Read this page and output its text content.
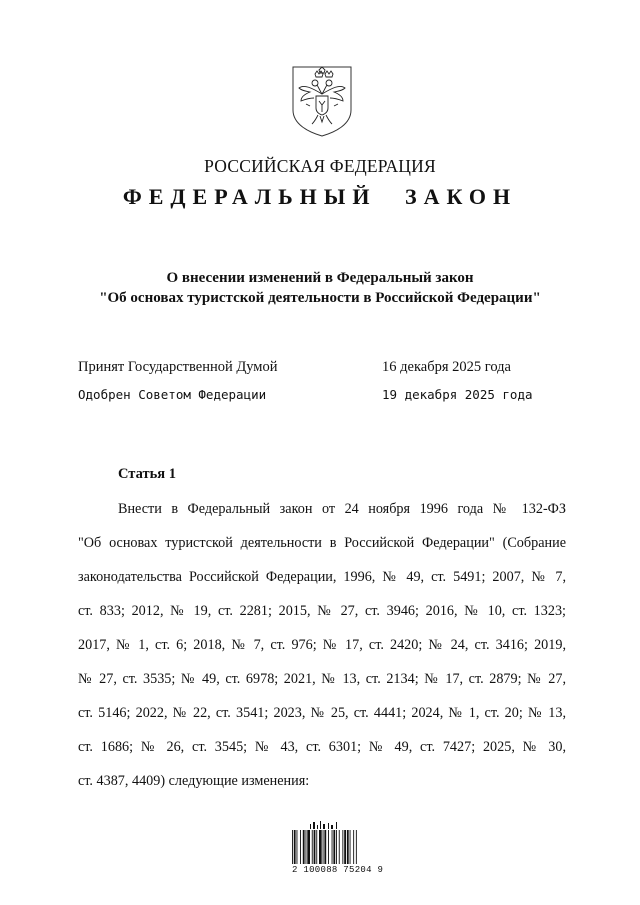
РОССИЙСКАЯ ФЕДЕРАЦИЯ
ФЕДЕРАЛЬНЫЙ ЗАКОН
О внесении изменений в Федеральный закон
"Об основах туристской деятельности в Российской Федерации"
Принят Государственной Думой	16 декабря 2025 года
Одобрен Советом Федерации	19 декабря 2025 года
Статья 1
Внести в Федеральный закон от 24 ноября 1996 года № 132-ФЗ
"Об основах туристской деятельности в Российской Федерации" (Собрание
законодательства Российской Федерации, 1996, № 49, ст. 5491; 2007, № 7,
ст. 833; 2012, № 19, ст. 2281; 2015, № 27, ст. 3946; 2016, № 10, ст. 1323;
2017, № 1, ст. 6; 2018, № 7, ст. 976; № 17, ст. 2420; № 24, ст. 3416; 2019,
№ 27, ст. 3535; № 49, ст. 6978; 2021, № 13, ст. 2134; № 17, ст. 2879; № 27,
ст. 5146; 2022, № 22, ст. 3541; 2023, № 25, ст. 4441; 2024, № 1, ст. 20; № 13,
ст. 1686; № 26, ст. 3545; № 43, ст. 6301; № 49, ст. 7427; 2025, № 30,
ст. 4387, 4409) следующие изменения:
2 100088 75204 9
